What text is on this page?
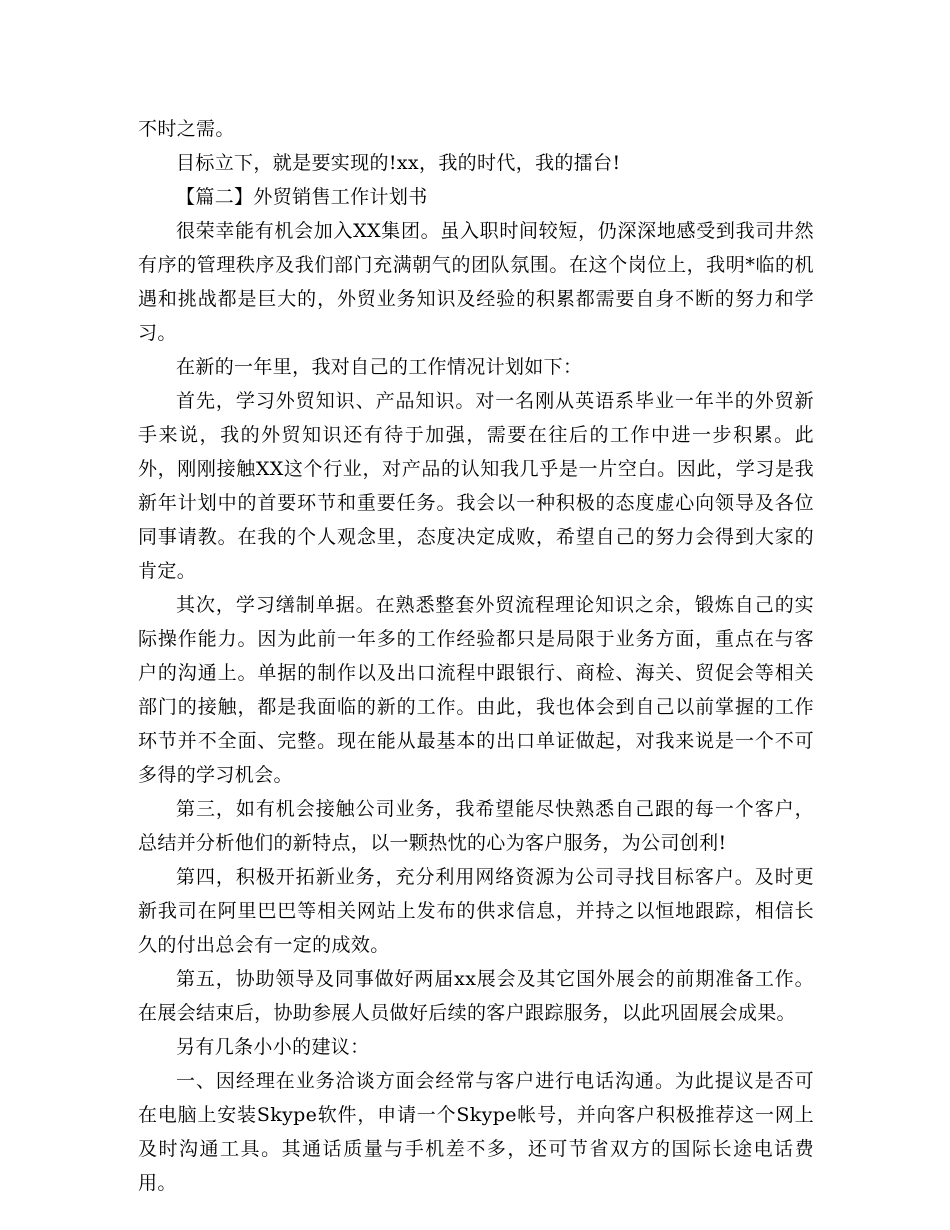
不时之需。

目标立下，就是要实现的!xx，我的时代，我的擂台!

【篇二】外贸销售工作计划书

很荣幸能有机会加入XX集团。虽入职时间较短，仍深深地感受到我司井然有序的管理秩序及我们部门充满朝气的团队氛围。在这个岗位上，我明*临的机遇和挑战都是巨大的，外贸业务知识及经验的积累都需要自身不断的努力和学习。

在新的一年里，我对自己的工作情况计划如下：

首先，学习外贸知识、产品知识。对一名刚从英语系毕业一年半的外贸新手来说，我的外贸知识还有待于加强，需要在往后的工作中进一步积累。此外，刚刚接触XX这个行业，对产品的认知我几乎是一片空白。因此，学习是我新年计划中的首要环节和重要任务。我会以一种积极的态度虚心向领导及各位同事请教。在我的个人观念里，态度决定成败，希望自己的努力会得到大家的肯定。

其次，学习缮制单据。在熟悉整套外贸流程理论知识之余，锻炼自己的实际操作能力。因为此前一年多的工作经验都只是局限于业务方面，重点在与客户的沟通上。单据的制作以及出口流程中跟银行、商检、海关、贸促会等相关部门的接触，都是我面临的新的工作。由此，我也体会到自己以前掌握的工作环节并不全面、完整。现在能从最基本的出口单证做起，对我来说是一个不可多得的学习机会。

第三，如有机会接触公司业务，我希望能尽快熟悉自己跟的每一个客户，总结并分析他们的新特点，以一颗热忱的心为客户服务，为公司创利!

第四，积极开拓新业务，充分利用网络资源为公司寻找目标客户。及时更新我司在阿里巴巴等相关网站上发布的供求信息，并持之以恒地跟踪，相信长久的付出总会有一定的成效。

第五，协助领导及同事做好两届xx展会及其它国外展会的前期准备工作。在展会结束后，协助参展人员做好后续的客户跟踪服务，以此巩固展会成果。

另有几条小小的建议：

一、因经理在业务洽谈方面会经常与客户进行电话沟通。为此提议是否可在电脑上安装Skype软件，申请一个Skype帐号，并向客户积极推荐这一网上及时沟通工具。其通话质量与手机差不多，还可节省双方的国际长途电话费用。
